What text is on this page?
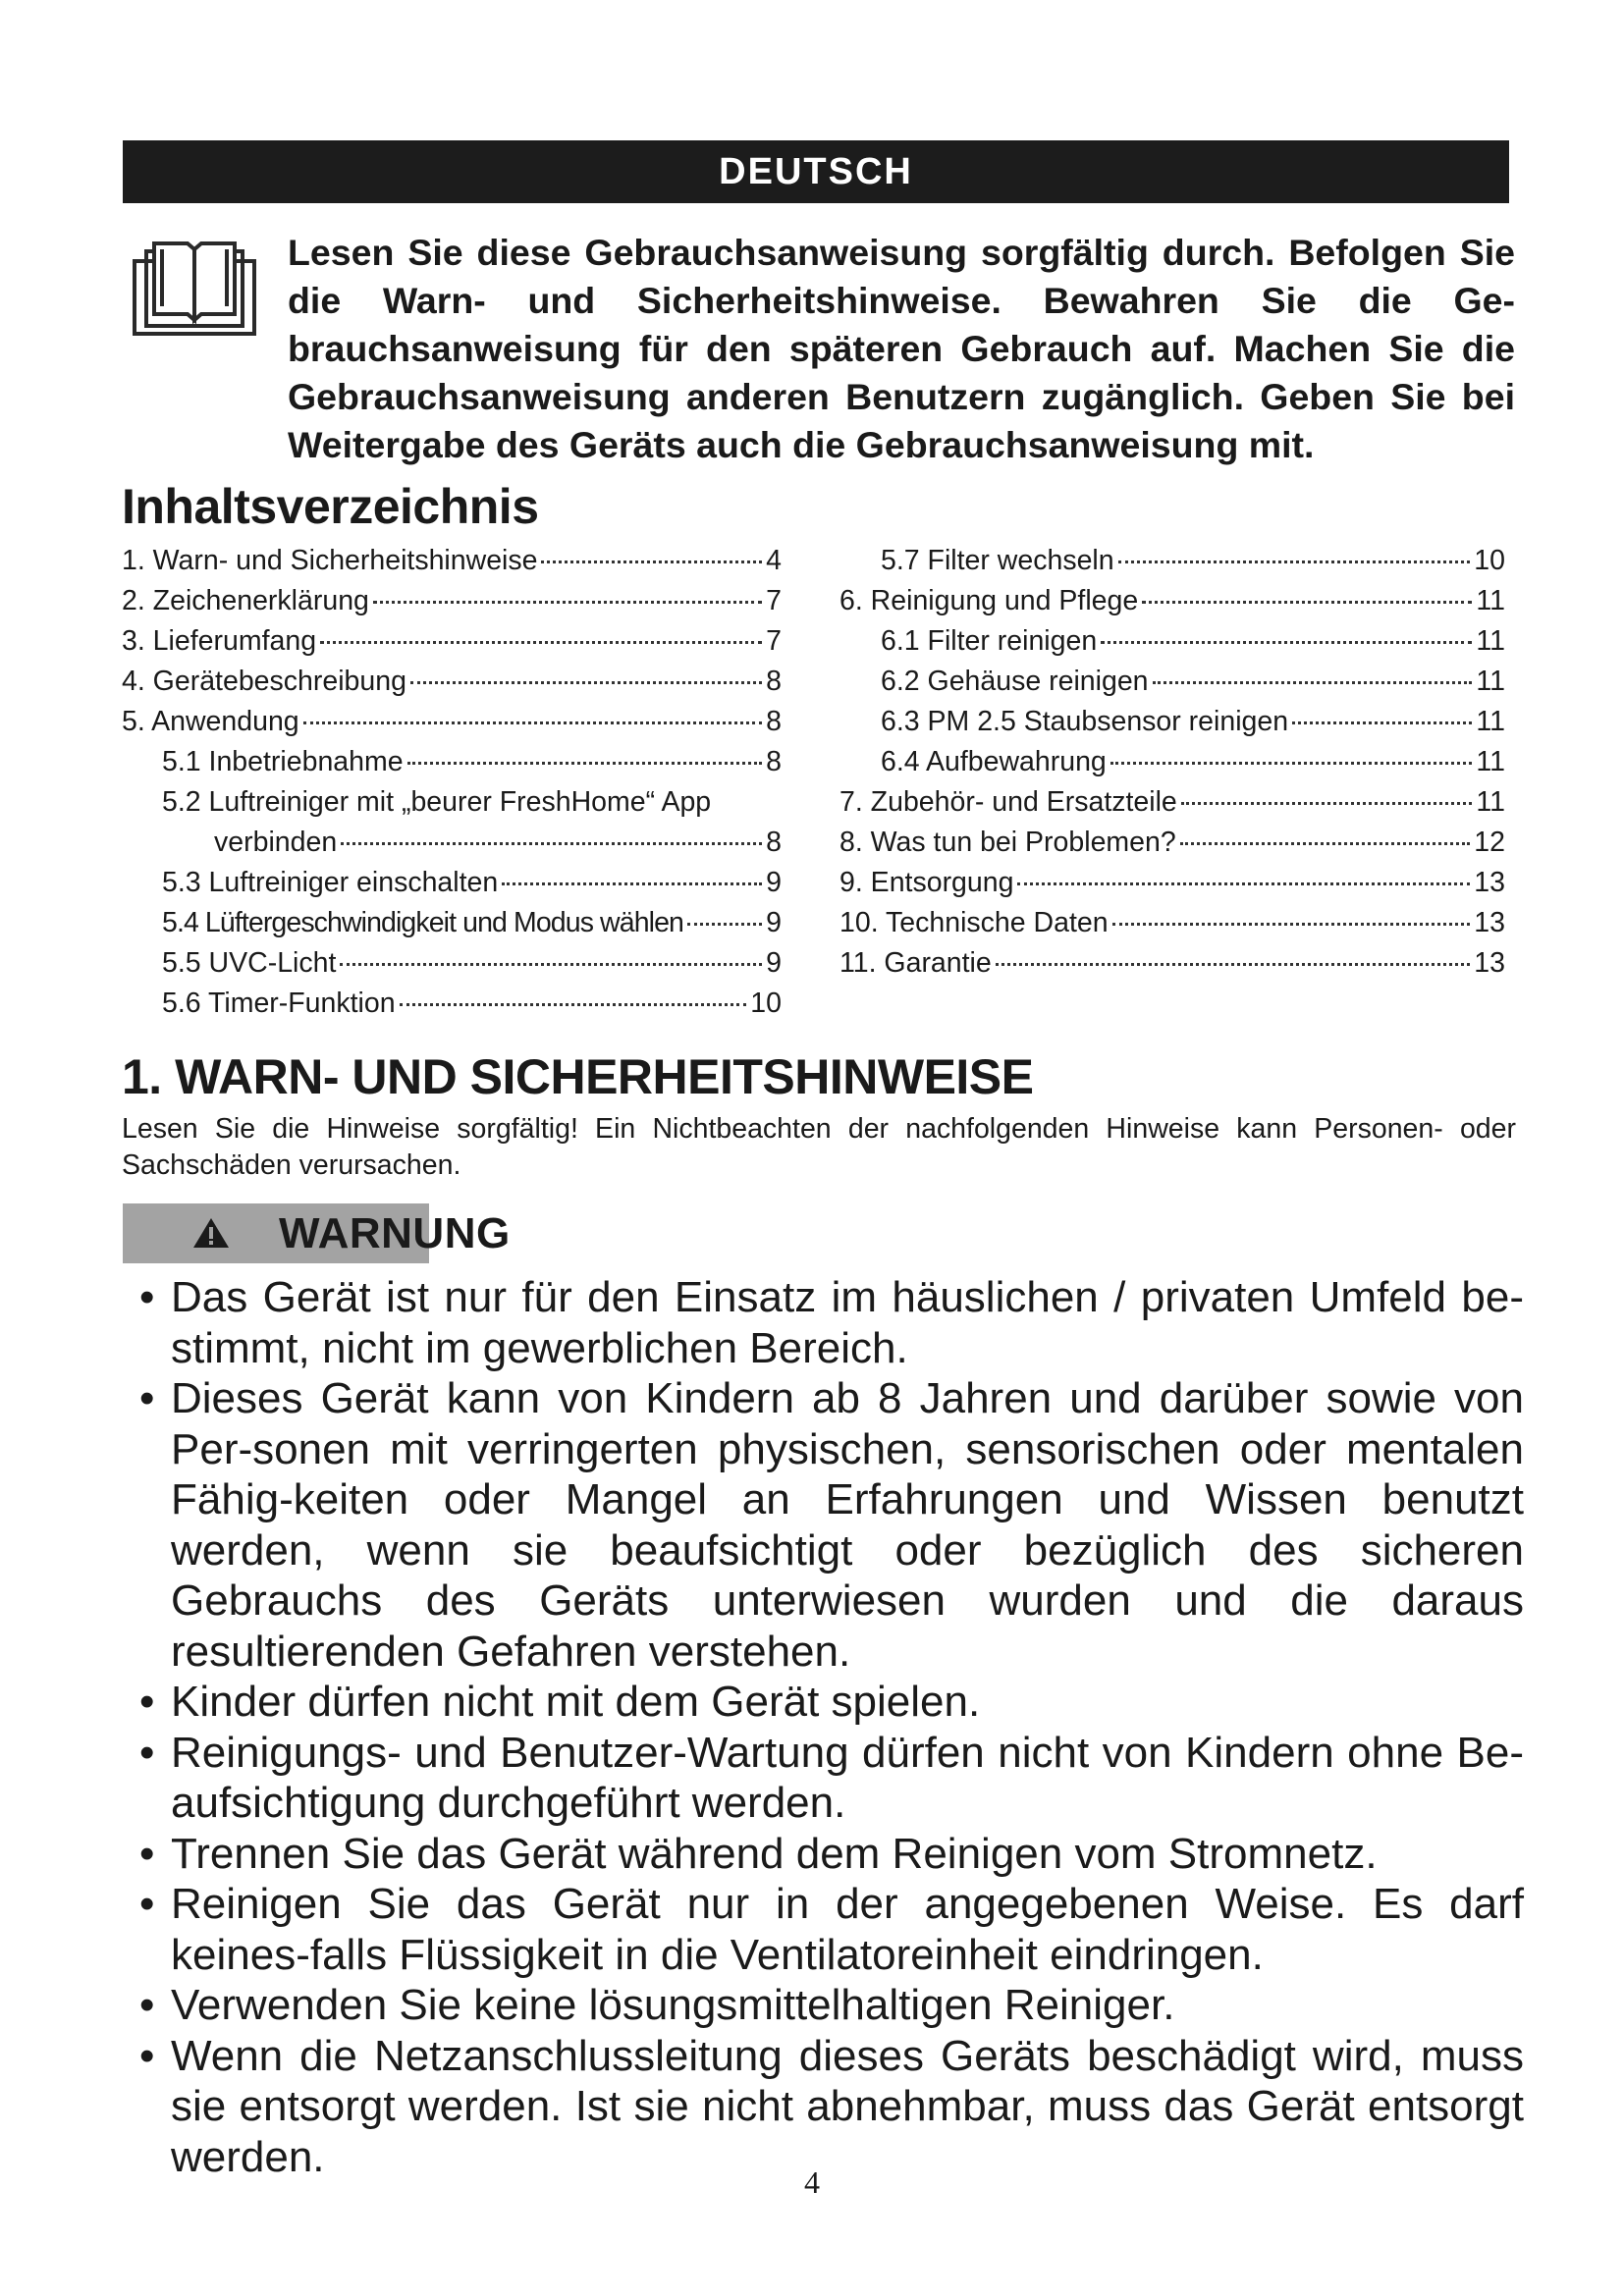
DEUTSCH

Lesen Sie diese Gebrauchsanweisung sorgfältig durch. Befolgen Sie die Warn- und Sicherheitshinweise. Bewahren Sie die Ge-brauchsanweisung für den späteren Gebrauch auf. Machen Sie die Gebrauchsanweisung anderen Benutzern zugänglich. Geben Sie bei Weitergabe des Geräts auch die Gebrauchsanweisung mit.

Inhaltsverzeichnis
1. Warn- und Sicherheitshinweise	4
2. Zeichenerklärung	7
3. Lieferumfang	7
4. Gerätebeschreibung	8
5. Anwendung	8
5.1 Inbetriebnahme	8
5.2 Luftreiniger mit „beurer FreshHome“ App
verbinden	8
5.3 Luftreiniger einschalten	9
5.4 Lüftergeschwindigkeit und Modus wählen	9
5.5 UVC-Licht	9
5.6 Timer-Funktion	10
5.7 Filter wechseln	10
6. Reinigung und Pflege	11
6.1 Filter reinigen	11
6.2 Gehäuse reinigen	11
6.3 PM 2.5 Staubsensor reinigen	11
6.4 Aufbewahrung	11
7. Zubehör- und Ersatzteile	11
8. Was tun bei Problemen?	12
9. Entsorgung	13
10. Technische Daten	13
11. Garantie	13
1. WARN- UND SICHERHEITSHINWEISE

Lesen Sie die Hinweise sorgfältig! Ein Nichtbeachten der nachfolgenden Hinweise kann Personen- oder Sachschäden verursachen.

WARNUNG

• Das Gerät ist nur für den Einsatz im häuslichen / privaten Umfeld be-stimmt, nicht im gewerblichen Bereich.
• Dieses Gerät kann von Kindern ab 8 Jahren und darüber sowie von Per-sonen mit verringerten physischen, sensorischen oder mentalen Fähig-keiten oder Mangel an Erfahrungen und Wissen benutzt werden, wenn sie beaufsichtigt oder bezüglich des sicheren Gebrauchs des Geräts unterwiesen wurden und die daraus resultierenden Gefahren verstehen.
• Kinder dürfen nicht mit dem Gerät spielen.
• Reinigungs- und Benutzer-Wartung dürfen nicht von Kindern ohne Be-aufsichtigung durchgeführt werden.
• Trennen Sie das Gerät während dem Reinigen vom Stromnetz.
• Reinigen Sie das Gerät nur in der angegebenen Weise. Es darf keines-falls Flüssigkeit in die Ventilatoreinheit eindringen.
• Verwenden Sie keine lösungsmittelhaltigen Reiniger.
• Wenn die Netzanschlussleitung dieses Geräts beschädigt wird, muss sie entsorgt werden. Ist sie nicht abnehmbar, muss das Gerät entsorgt werden.

4
